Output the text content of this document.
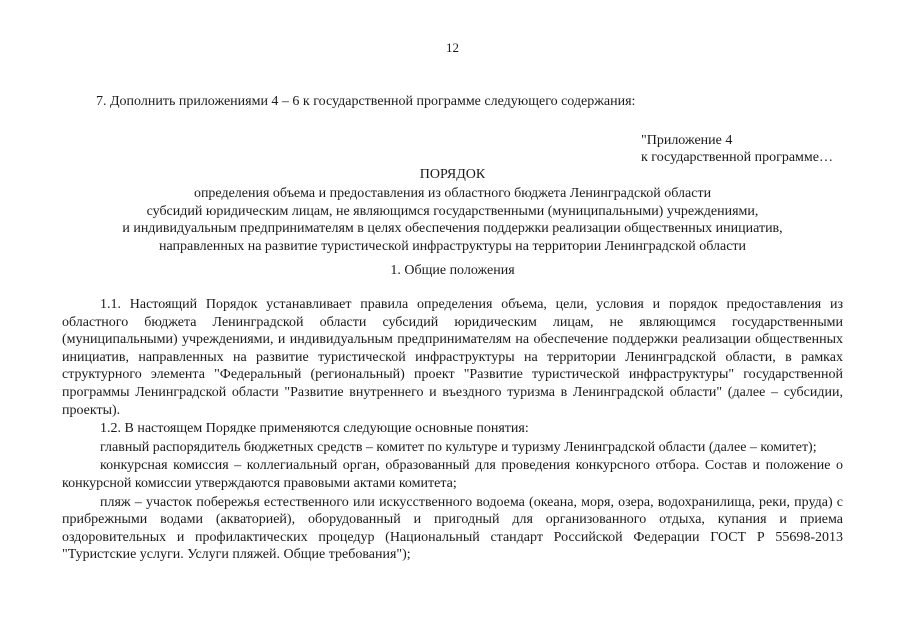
12
7. Дополнить приложениями 4 – 6 к государственной программе следующего содержания:
"Приложение 4
к государственной программе…
ПОРЯДОК
определения объема и предоставления из областного бюджета Ленинградской области
субсидий юридическим лицам, не являющимся государственными (муниципальными) учреждениями,
и индивидуальным предпринимателям в целях обеспечения поддержки реализации общественных инициатив,
направленных на развитие туристической инфраструктуры на территории Ленинградской области
1. Общие положения

1.1. Настоящий Порядок устанавливает правила определения объема, цели, условия и порядок предоставления из областного бюджета Ленинградской области субсидий юридическим лицам, не являющимся государственными (муниципальными) учреждениями, и индивидуальным предпринимателям на обеспечение поддержки реализации общественных инициатив, направленных на развитие туристической инфраструктуры на территории Ленинградской области, в рамках структурного элемента "Федеральный (региональный) проект "Развитие туристической инфраструктуры" государственной программы Ленинградской области "Развитие внутреннего и въездного туризма в Ленинградской области" (далее – субсидии, проекты).

1.2. В настоящем Порядке применяются следующие основные понятия:

главный распорядитель бюджетных средств – комитет по культуре и туризму Ленинградской области (далее – комитет);

конкурсная комиссия – коллегиальный орган, образованный для проведения конкурсного отбора. Состав и положение о конкурсной комиссии утверждаются правовыми актами комитета;

пляж – участок побережья естественного или искусственного водоема (океана, моря, озера, водохранилища, реки, пруда) с прибрежными водами (акваторией), оборудованный и пригодный для организованного отдыха, купания и приема оздоровительных и профилактических процедур (Национальный стандарт Российской Федерации ГОСТ Р 55698-2013 "Туристские услуги. Услуги пляжей. Общие требования");
